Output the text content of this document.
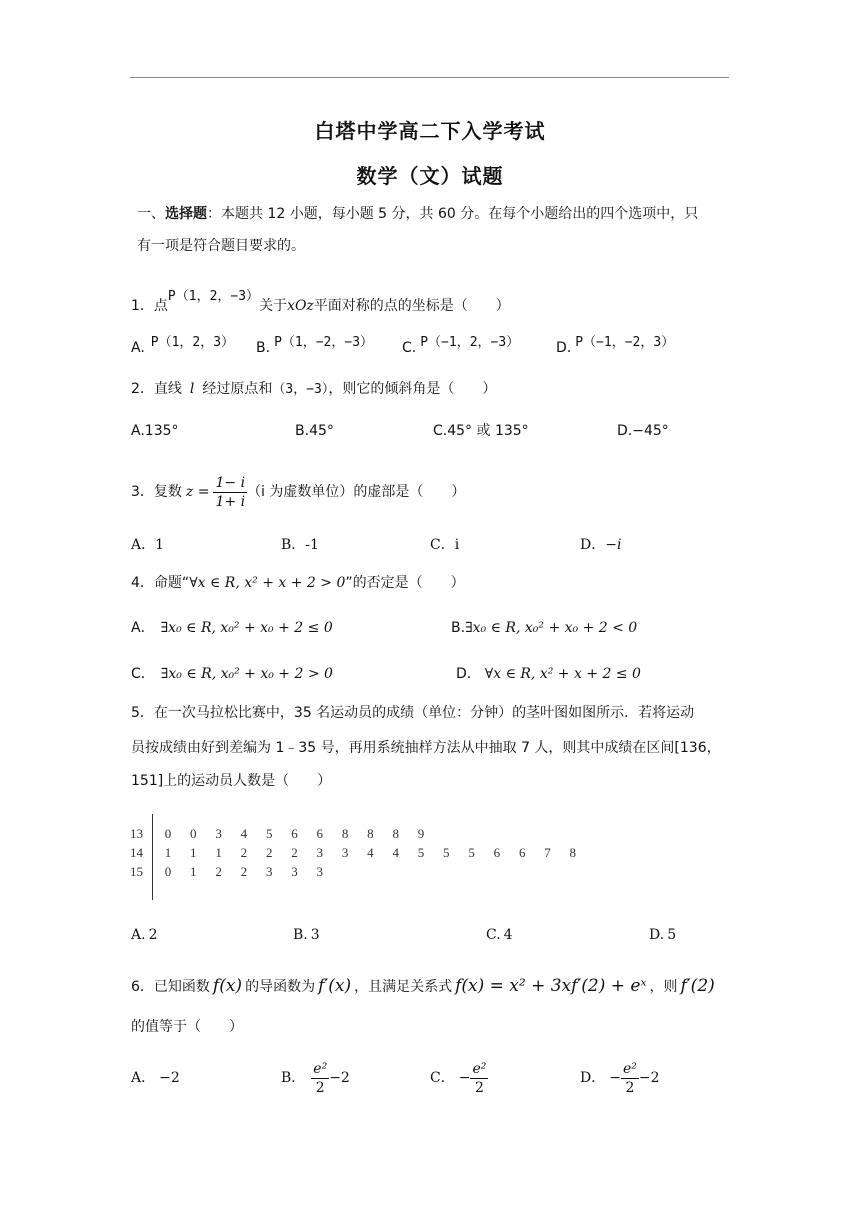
白塔中学高二下入学考试
数学（文）试题
一、选择题：本题共 12 小题，每小题 5 分，共 60 分。在每个小题给出的四个选项中，只
有一项是符合题目要求的。
1．点P（1，2，−3）关于xOz平面对称的点的坐标是（　　）
A. P（1，2，3） B. P（1，−2，−3） C. P（−1，2，−3）	D. P（−1，−2，3）
2．直线 l 经过原点和（3，−3），则它的倾斜角是（　　）
A.135°	B.45°	C.45° 或 135°	D.−45°
3．复数 $z = \frac{1- i}{1+ i} (i$ 为虚数单位）的虚部是（　　）
A．1	B．-1	C．i	D．−i
4．命题“∀x ∈ R, x² + x + 2 > 0”的否定是（　　）
A． ∃x₀ ∈ R, x₀² + x₀ + 2 ≤ 0	B.∃x₀ ∈ R, x₀² + x₀ + 2 < 0
C． ∃x₀ ∈ R, x₀² + x₀ + 2 > 0	D． ∀x ∈ R, x² + x + 2 ≤ 0
5．在一次马拉松比赛中，35 名运动员的成绩（单位：分钟）的茎叶图如图所示．若将运动
员按成绩由好到差编为 1﹣35 号，再用系统抽样方法从中抽取 7 人，则其中成绩在区间[136，
151]上的运动员人数是（　　）
13	0 0 3 4 5 6 6 8 8 8 9
14	1 1 1 2 2 2 3 3 4 4 5 5 5 6 6 7 8
15	0 1 2 2 3 3 3
A. 2	B. 3	C. 4	D. 5
6．已知函数 f(x) 的导函数为 f′(x) ，且满足关系式 f(x) = x² + 3xf′(2) + eˣ ，则 f′(2)
的值等于（　　）
A． −2	B． $\frac{\text{e²}}{2} -2$	C． − $\frac{\text{e²}}{2}$	D． − $\frac{\text{e²}}{2} -2$
